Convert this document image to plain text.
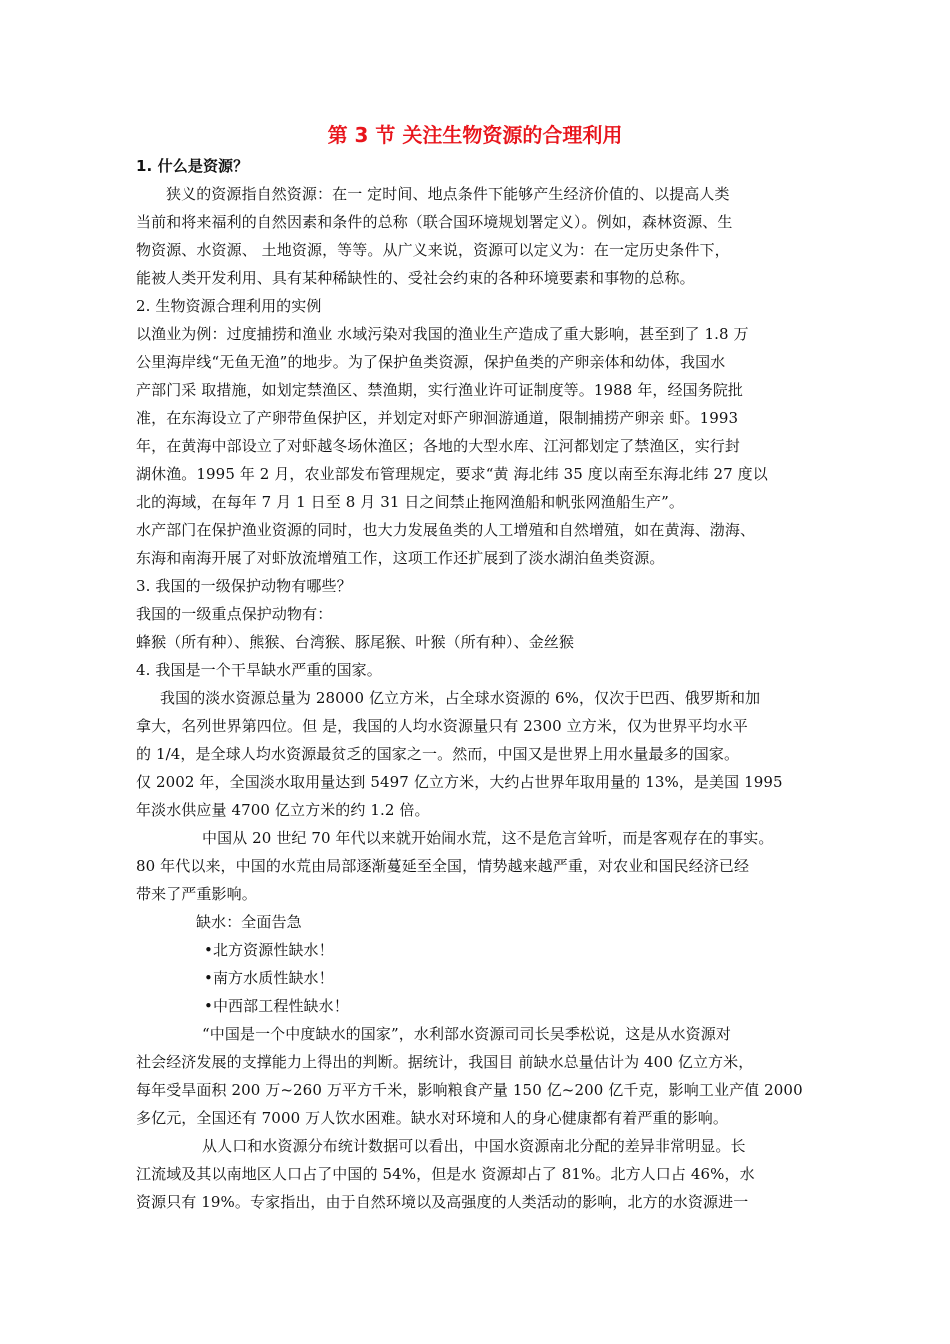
第 3 节 关注生物资源的合理利用
1. 什么是资源？
狭义的资源指自然资源：在一 定时间、地点条件下能够产生经济价值的、以提高人类
当前和将来福利的自然因素和条件的总称（联合国环境规划署定义）。例如，森林资源、生
物资源、水资源、 土地资源，等等。从广义来说，资源可以定义为：在一定历史条件下，
能被人类开发利用、具有某种稀缺性的、受社会约束的各种环境要素和事物的总称。
2. 生物资源合理利用的实例
以渔业为例：过度捕捞和渔业 水域污染对我国的渔业生产造成了重大影响，甚至到了 1.8 万
公里海岸线“无鱼无渔”的地步。为了保护鱼类资源，保护鱼类的产卵亲体和幼体，我国水
产部门采 取措施，如划定禁渔区、禁渔期，实行渔业许可证制度等。1988 年，经国务院批
准，在东海设立了产卵带鱼保护区，并划定对虾产卵洄游通道，限制捕捞产卵亲 虾。1993
年，在黄海中部设立了对虾越冬场休渔区；各地的大型水库、江河都划定了禁渔区，实行封
湖休渔。1995 年 2 月，农业部发布管理规定，要求“黄 海北纬 35 度以南至东海北纬 27 度以
北的海域，在每年 7 月 1 日至 8 月 31 日之间禁止拖网渔船和帆张网渔船生产”。
水产部门在保护渔业资源的同时，也大力发展鱼类的人工增殖和自然增殖，如在黄海、渤海、
东海和南海开展了对虾放流增殖工作，这项工作还扩展到了淡水湖泊鱼类资源。
3. 我国的一级保护动物有哪些？
我国的一级重点保护动物有：
蜂猴（所有种）、熊猴、台湾猴、豚尾猴、叶猴（所有种）、金丝猴
4. 我国是一个干旱缺水严重的国家。
我国的淡水资源总量为 28000 亿立方米，占全球水资源的 6%，仅次于巴西、俄罗斯和加
拿大，名列世界第四位。但 是，我国的人均水资源量只有 2300 立方米，仅为世界平均水平
的 1/4，是全球人均水资源最贫乏的国家之一。然而，中国又是世界上用水量最多的国家。
仅 2002 年，全国淡水取用量达到 5497 亿立方米，大约占世界年取用量的 13%，是美国 1995
年淡水供应量 4700 亿立方米的约 1.2 倍。
中国从 20 世纪 70 年代以来就开始闹水荒，这不是危言耸听，而是客观存在的事实。
80 年代以来，中国的水荒由局部逐渐蔓延至全国，情势越来越严重，对农业和国民经济已经
带来了严重影响。
缺水：全面告急
•北方资源性缺水！
•南方水质性缺水！
•中西部工程性缺水！
“中国是一个中度缺水的国家”，水利部水资源司司长吴季松说，这是从水资源对
社会经济发展的支撑能力上得出的判断。据统计，我国目 前缺水总量估计为 400 亿立方米，
每年受旱面积 200 万~260 万平方千米，影响粮食产量 150 亿~200 亿千克，影响工业产值 2000
多亿元，全国还有 7000 万人饮水困难。缺水对环境和人的身心健康都有着严重的影响。
从人口和水资源分布统计数据可以看出，中国水资源南北分配的差异非常明显。长
江流域及其以南地区人口占了中国的 54%，但是水 资源却占了 81%。北方人口占 46%，水
资源只有 19%。专家指出，由于自然环境以及高强度的人类活动的影响，北方的水资源进一
